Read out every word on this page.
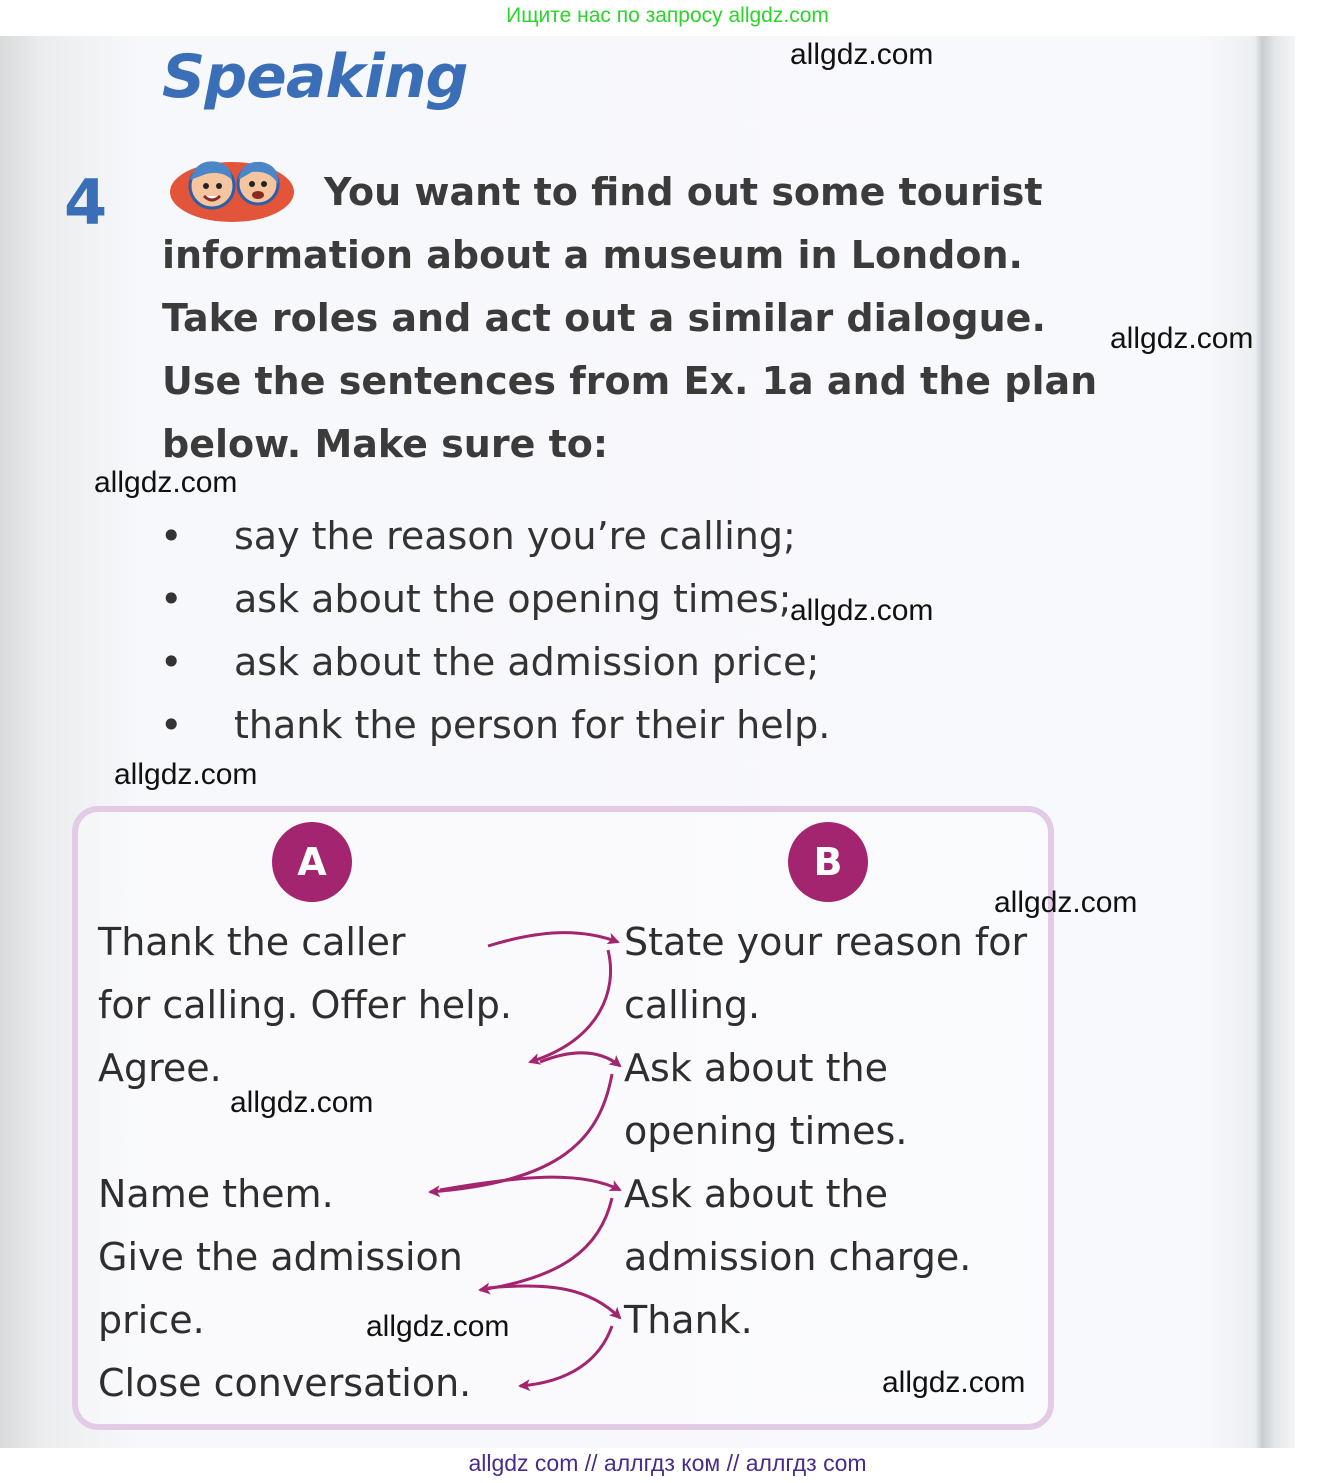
Ищите нас по запросу allgdz.com
Speaking
4	You want to find out some tourist
information about a museum in London.
Take roles and act out a similar dialogue.
Use the sentences from Ex. 1a and the plan
below. Make sure to:
• say the reason you’re calling;
• ask about the opening times;
• ask about the admission price;
• thank the person for their help.
A	B
Thank the caller
for calling. Offer help.
Agree.
Name them.
Give the admission
price.
Close conversation.
State your reason for
calling.
Ask about the
opening times.
Ask about the
admission charge.
Thank.
allgdz.com
allgdz.com
allgdz.com
allgdz.com
allgdz.com
allgdz.com
allgdz.com
allgdz.com
allgdz.com
allgdz com // аллгдз ком // аллгдз com
